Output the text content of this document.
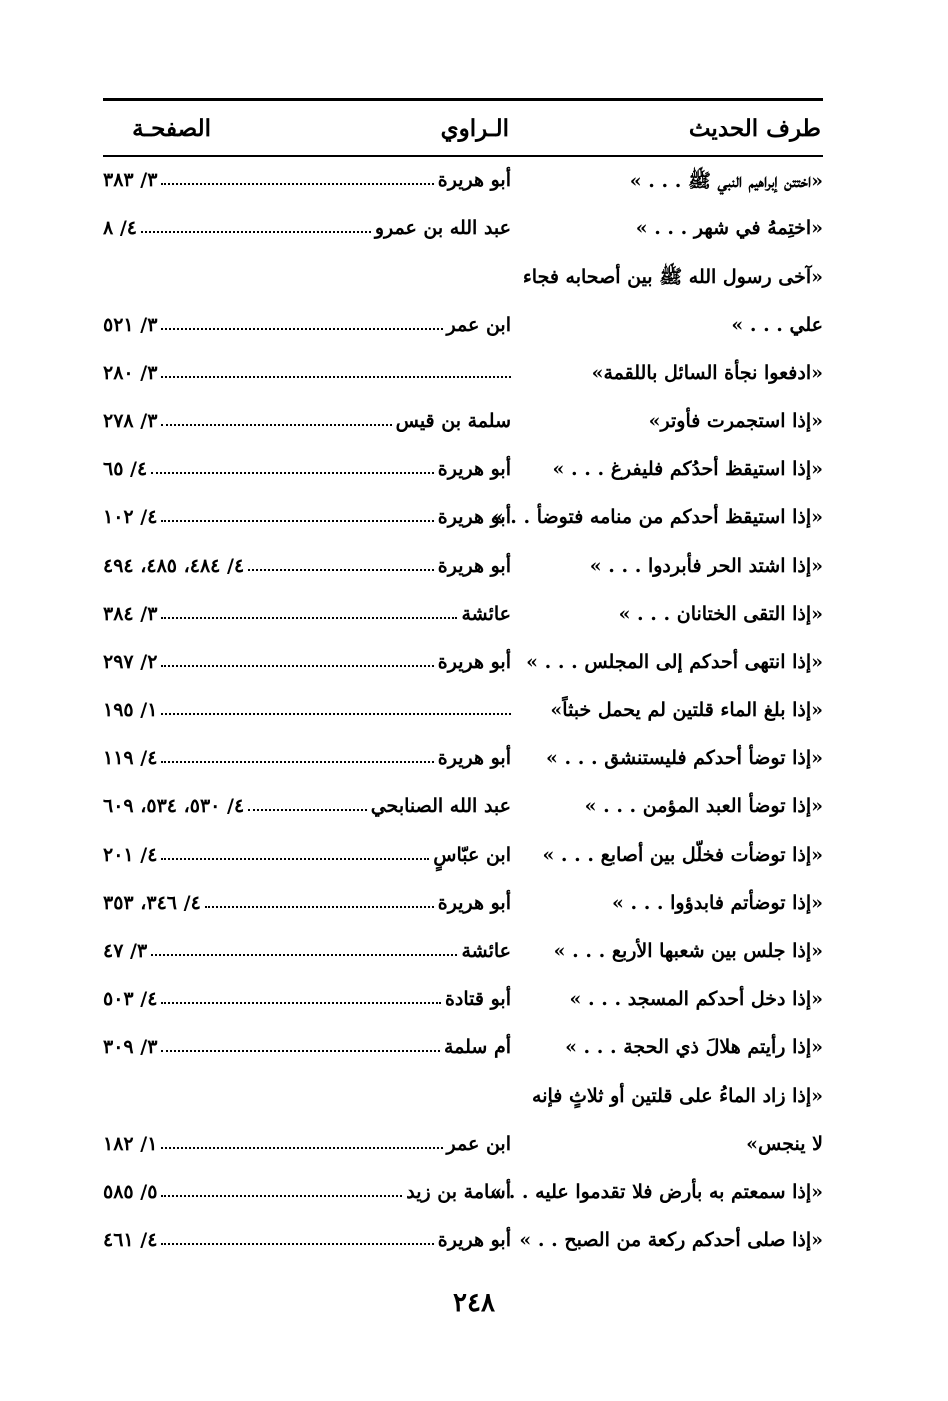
طرف الحديث
الـراوي
الصفحـة
«اختتن إبراهيم النبي ﷺ . . . »
أبو هريرة
٣/ ٣٨٣
«اختِمهُ في شهر . . . »
عبد الله بن عمرو
٤/ ٨
«آخى رسول الله ﷺ بين أصحابه فجاء
علي . . . »
ابن عمر
٣/ ٥٢١
«ادفعوا نجأة السائل باللقمة»
٣/ ٢٨٠
«إذا استجمرت فأوتر»
سلمة بن قيس
٣/ ٢٧٨
«إذا استيقظ أحدُكم فليفرغ . . . »
أبو هريرة
٤/ ٦٥
«إذا استيقظ أحدكم من منامه فتوضأ . . »
أبو هريرة
٤/ ١٠٢
«إذا اشتد الحر فأبردوا . . . »
أبو هريرة
٤/ ٤٨٤، ٤٨٥، ٤٩٤
«إذا التقى الختانان . . . »
عائشة
٣/ ٣٨٤
«إذا انتهى أحدكم إلى المجلس . . . »
أبو هريرة
٢/ ٢٩٧
«إذا بلغ الماء قلتين لم يحمل خبثاً»
١/ ١٩٥
«إذا توضأ أحدكم فليستنشق . . . »
أبو هريرة
٤/ ١١٩
«إذا توضأ العبد المؤمن . . . »
عبد الله الصنابحي
٤/ ٥٣٠، ٥٣٤، ٦٠٩
«إذا توضأت فخلّل بين أصابع . . . »
ابن عبّاسٍ
٤/ ٢٠١
«إذا توضأتم فابدؤوا . . . »
أبو هريرة
٤/ ٣٤٦، ٣٥٣
«إذا جلس بين شعبها الأربع . . . »
عائشة
٣/ ٤٧
«إذا دخل أحدكم المسجد . . . »
أبو قتادة
٤/ ٥٠٣
«إذا رأيتم هلالَ ذي الحجة . . . »
أم سلمة
٣/ ٣٠٩
«إذا زاد الماءُ على قلتين أو ثلاثٍ فإنه
لا ينجس»
ابن عمر
١/ ١٨٢
«إذا سمعتم به بأرض فلا تقدموا عليه . . »
أسامة بن زيد
٥/ ٥٨٥
«إذا صلى أحدكم ركعة من الصبح . . »
أبو هريرة
٤/ ٤٦١
٢٤٨
